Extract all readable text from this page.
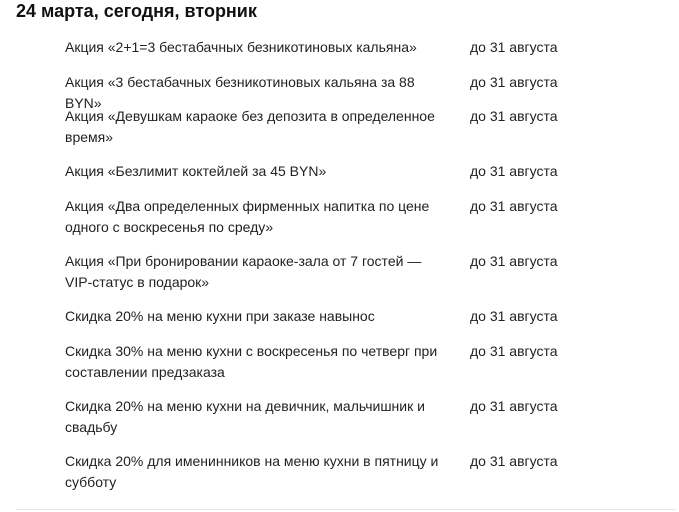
24 марта, сегодня, вторник
Акция «2+1=3 бестабачных безникотиновых кальяна»	до 31 августа
Акция «3 бестабачных безникотиновых кальяна за 88 BYN»
до 31 августа
Акция «Девушкам караоке без депозита в определенное время»
до 31 августа
Акция «Безлимит коктейлей за 45 BYN»	до 31 августа
Акция «Два определенных фирменных напитка по цене одного с воскресенья по среду»
до 31 августа
Акция «При бронировании караоке-зала от 7 гостей — VIP-статус в подарок»
до 31 августа
Скидка 20% на меню кухни при заказе навынос	до 31 августа
Скидка 30% на меню кухни с воскресенья по четверг при составлении предзаказа
до 31 августа
Скидка 20% на меню кухни на девичник, мальчишник и свадьбу
до 31 августа
Скидка 20% для именинников на меню кухни в пятницу и субботу
до 31 августа
